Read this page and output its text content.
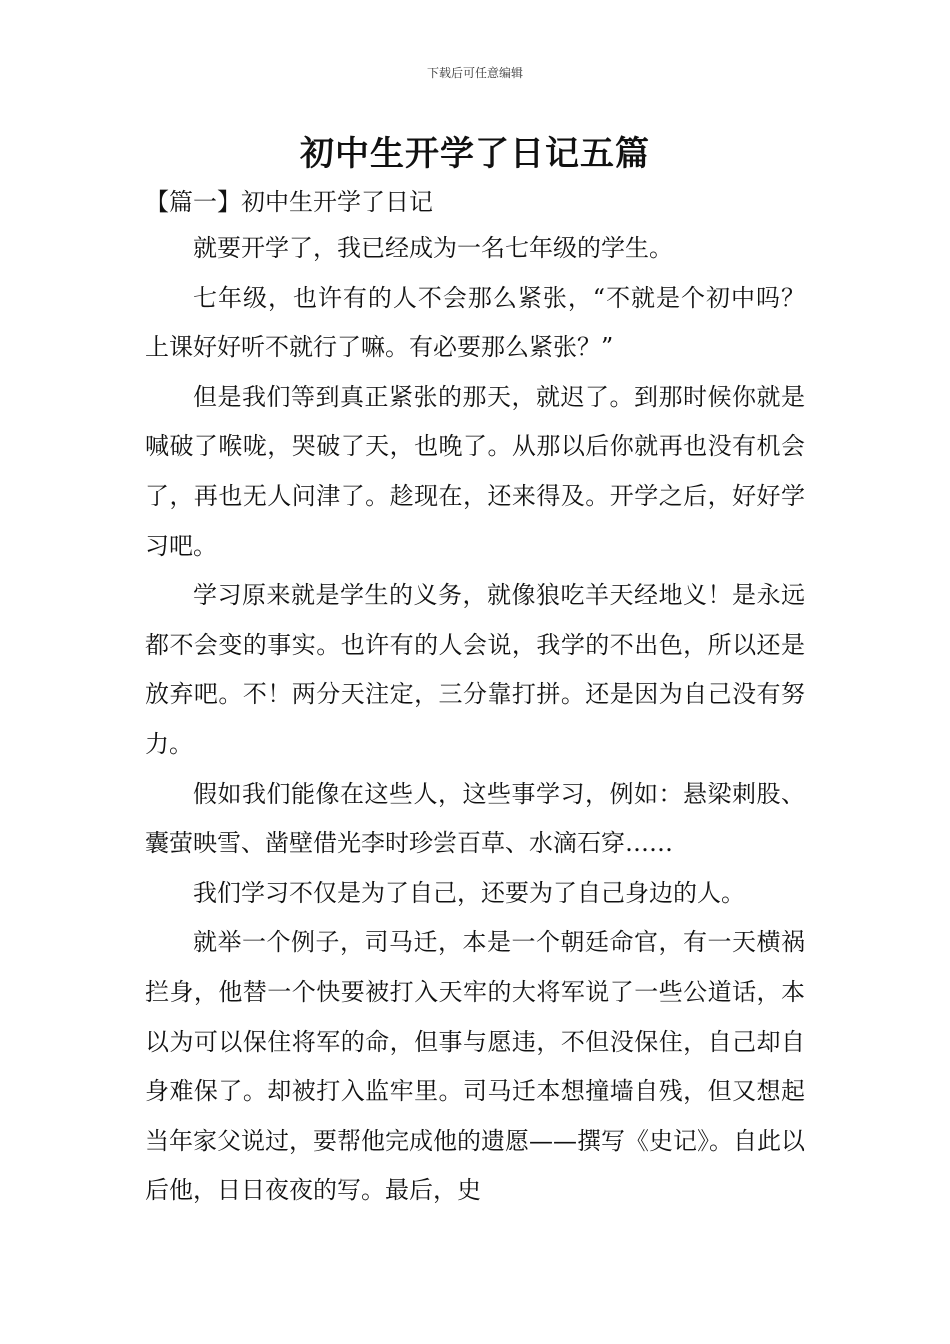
下载后可任意编辑
初中生开学了日记五篇
【篇一】初中生开学了日记

就要开学了，我已经成为一名七年级的学生。

七年级，也许有的人不会那么紧张，“不就是个初中吗？上课好好听不就行了嘛。有必要那么紧张？”

但是我们等到真正紧张的那天，就迟了。到那时候你就是喊破了喉咙，哭破了天，也晚了。从那以后你就再也没有机会了，再也无人问津了。趁现在，还来得及。开学之后，好好学习吧。

学习原来就是学生的义务，就像狼吃羊天经地义！是永远都不会变的事实。也许有的人会说，我学的不出色，所以还是放弃吧。不！两分天注定，三分靠打拼。还是因为自己没有努力。

假如我们能像在这些人，这些事学习，例如：悬梁刺股、囊萤映雪、凿壁借光李时珍尝百草、水滴石穿……

我们学习不仅是为了自己，还要为了自己身边的人。

就举一个例子，司马迁，本是一个朝廷命官，有一天横祸拦身，他替一个快要被打入天牢的大将军说了一些公道话，本以为可以保住将军的命，但事与愿违，不但没保住，自己却自身难保了。却被打入监牢里。司马迁本想撞墙自残，但又想起当年家父说过，要帮他完成他的遗愿——撰写《史记》。自此以后他，日日夜夜的写。最后，史
